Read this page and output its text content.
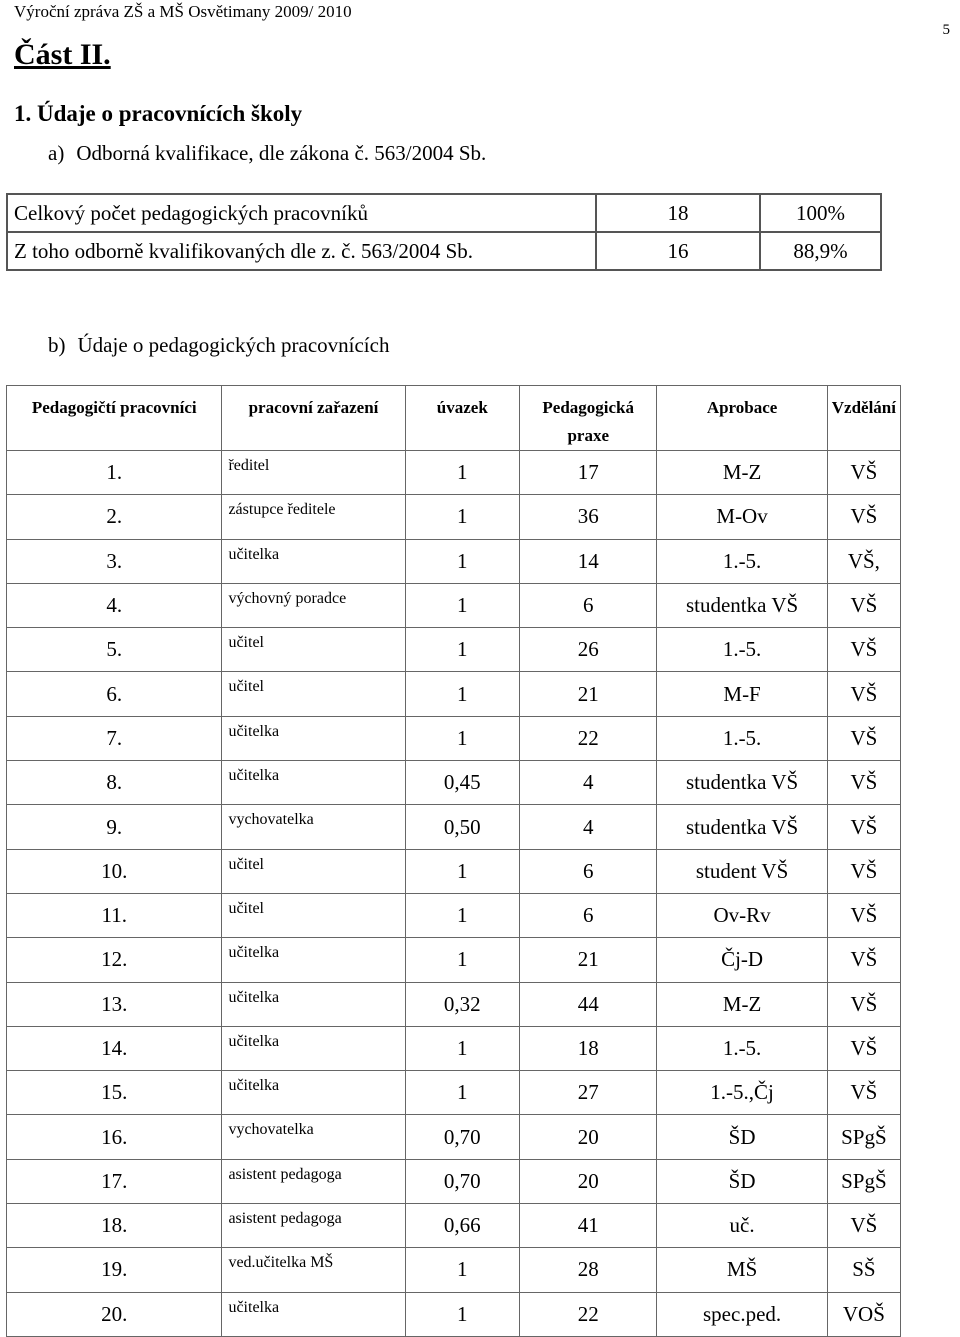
Výroční zpráva ZŠ a MŠ Osvětimany 2009/ 2010
5
Část II.
1. Údaje o pracovnících školy
a) Odborná kvalifikace, dle zákona č. 563/2004 Sb.
Celkový počet pedagogických pracovníků	18	100%
Z toho odborně kvalifikovaných dle z. č. 563/2004 Sb.	16	88,9%
b) Údaje o pedagogických pracovnících
Pedagogičtí pracovníci	pracovní zařazení	úvazek	Pedagogická praxe	Aprobace	Vzdělání
1.	ředitel	1	17	M-Z	VŠ
2.	zástupce ředitele	1	36	M-Ov	VŠ
3.	učitelka	1	14	1.-5.	VŠ,
4.	výchovný poradce	1	6	studentka VŠ	VŠ
5.	učitel	1	26	1.-5.	VŠ
6.	učitel	1	21	M-F	VŠ
7.	učitelka	1	22	1.-5.	VŠ
8.	učitelka	0,45	4	studentka VŠ	VŠ
9.	vychovatelka	0,50	4	studentka VŠ	VŠ
10.	učitel	1	6	student VŠ	VŠ
11.	učitel	1	6	Ov-Rv	VŠ
12.	učitelka	1	21	Čj-D	VŠ
13.	učitelka	0,32	44	M-Z	VŠ
14.	učitelka	1	18	1.-5.	VŠ
15.	učitelka	1	27	1.-5.,Čj	VŠ
16.	vychovatelka	0,70	20	ŠD	SPgŠ
17.	asistent pedagoga	0,70	20	ŠD	SPgŠ
18.	asistent pedagoga	0,66	41	uč.	VŠ
19.	ved.učitelka MŠ	1	28	MŠ	SŠ
20.	učitelka	1	22	spec.ped.	VOŠ
